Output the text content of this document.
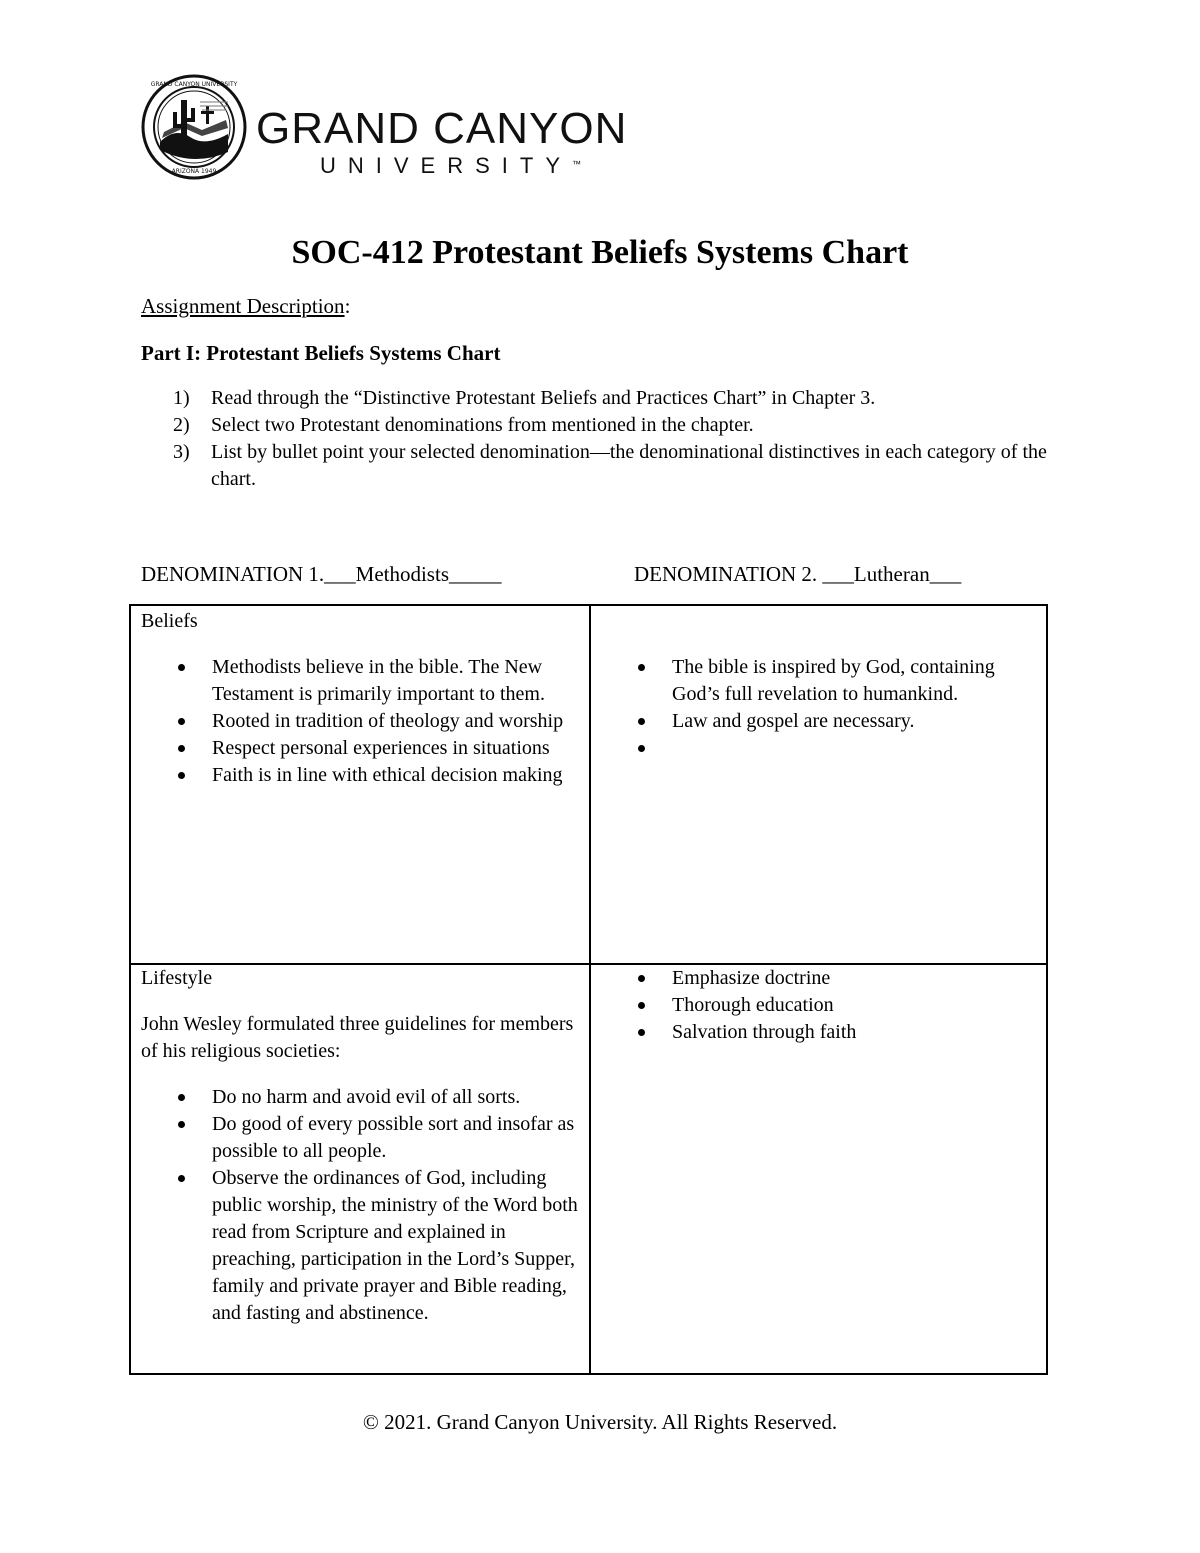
GRAND CANYON UNIVERSITY
ARIZONA 1949
GRAND CANYON
UNIVERSITY™
SOC-412 Protestant Beliefs Systems Chart
Assignment Description:
Part I: Protestant Beliefs Systems Chart
1) Read through the “Distinctive Protestant Beliefs and Practices Chart” in Chapter 3.
2) Select two Protestant denominations from mentioned in the chapter.
3) List by bullet point your selected denomination—the denominational distinctives in each category of the chart.
DENOMINATION 1.___Methodists_____	DENOMINATION 2. ___Lutheran___

Beliefs

Methodists believe in the bible. The New Testament is primarily important to them.
Rooted in tradition of theology and worship
Respect personal experiences in situations
Faith is in line with ethical decision making
The bible is inspired by God, containing God’s full revelation to humankind.
Law and gospel are necessary.

Lifestyle

John Wesley formulated three guidelines for members of his religious societies:

Do no harm and avoid evil of all sorts.
Do good of every possible sort and insofar as possible to all people.
Observe the ordinances of God, including public worship, the ministry of the Word both read from Scripture and explained in preaching, participation in the Lord’s Supper, family and private prayer and Bible reading, and fasting and abstinence.
Emphasize doctrine
Thorough education
Salvation through faith
© 2021. Grand Canyon University. All Rights Reserved.
